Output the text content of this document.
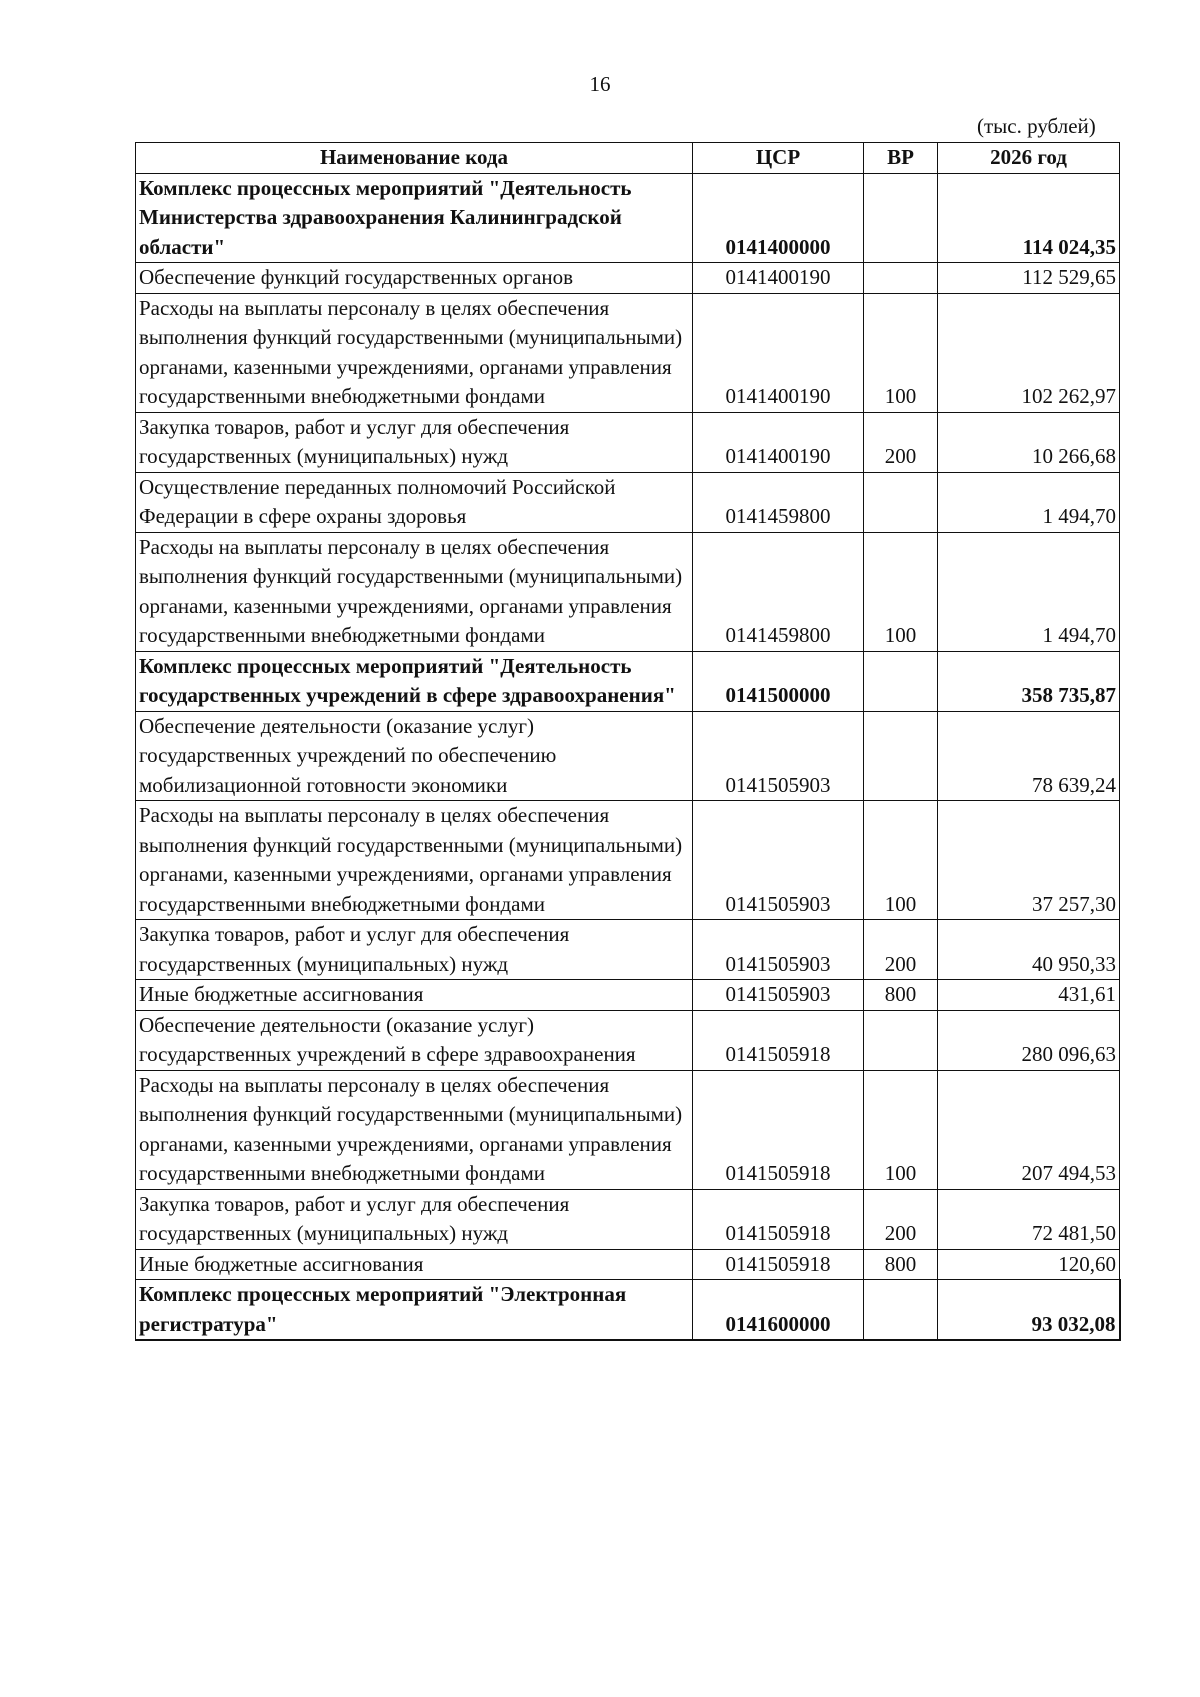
16
(тыс. рублей)
Наименование кода	ЦСР	ВР	2026 год
Комплекс процессных мероприятий "Деятельность Министерства здравоохранения Калининградской области"	0141400000		114 024,35
Обеспечение функций государственных органов	0141400190		112 529,65
Расходы на выплаты персоналу в целях обеспечения выполнения функций государственными (муниципальными) органами, казенными учреждениями, органами управления государственными внебюджетными фондами	0141400190	100	102 262,97
Закупка товаров, работ и услуг для обеспечения государственных (муниципальных) нужд	0141400190	200	10 266,68
Осуществление переданных полномочий Российской Федерации в сфере охраны здоровья	0141459800		1 494,70
Расходы на выплаты персоналу в целях обеспечения выполнения функций государственными (муниципальными) органами, казенными учреждениями, органами управления государственными внебюджетными фондами	0141459800	100	1 494,70
Комплекс процессных мероприятий "Деятельность государственных учреждений в сфере здравоохранения"	0141500000		358 735,87
Обеспечение деятельности (оказание услуг) государственных учреждений по обеспечению мобилизационной готовности экономики	0141505903		78 639,24
Расходы на выплаты персоналу в целях обеспечения выполнения функций государственными (муниципальными) органами, казенными учреждениями, органами управления государственными внебюджетными фондами	0141505903	100	37 257,30
Закупка товаров, работ и услуг для обеспечения государственных (муниципальных) нужд	0141505903	200	40 950,33
Иные бюджетные ассигнования	0141505903	800	431,61
Обеспечение деятельности (оказание услуг) государственных учреждений в сфере здравоохранения	0141505918		280 096,63
Расходы на выплаты персоналу в целях обеспечения выполнения функций государственными (муниципальными) органами, казенными учреждениями, органами управления государственными внебюджетными фондами	0141505918	100	207 494,53
Закупка товаров, работ и услуг для обеспечения государственных (муниципальных) нужд	0141505918	200	72 481,50
Иные бюджетные ассигнования	0141505918	800	120,60
Комплекс процессных мероприятий "Электронная регистратура"	0141600000		93 032,08
